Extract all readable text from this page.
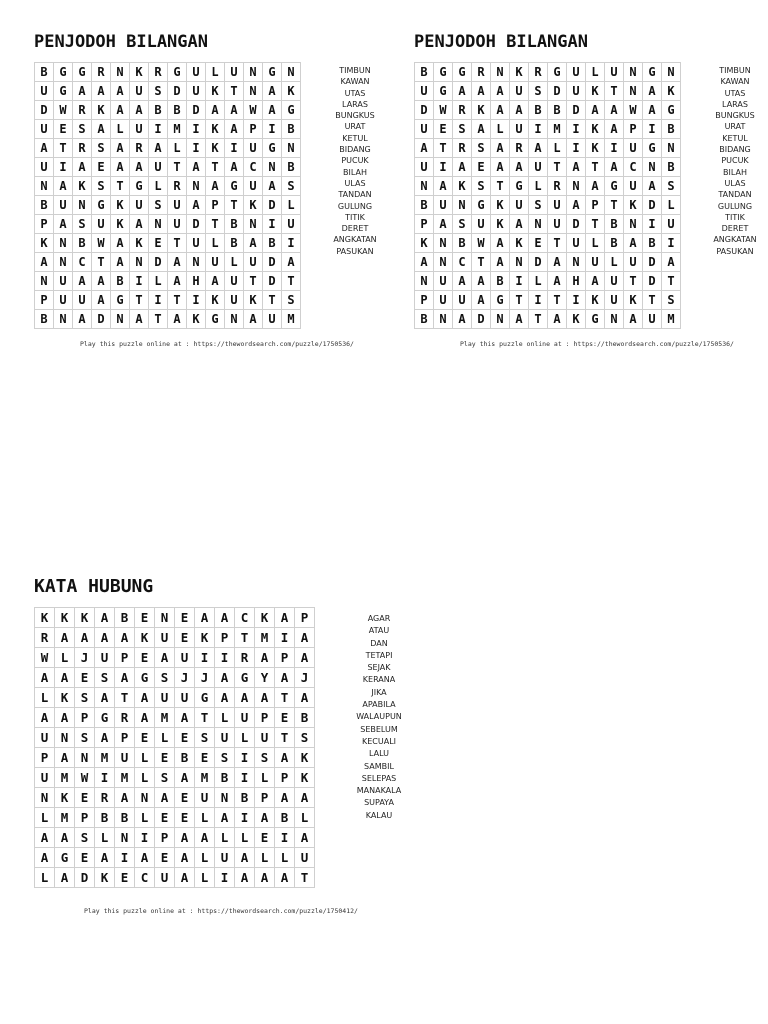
PENJODOH BILANGAN
B	G	G	R	N	K	R	G	U	L	U	N	G	N
U	G	A	A	A	U	S	D	U	K	T	N	A	K
D	W	R	K	A	A	B	B	D	A	A	W	A	G
U	E	S	A	L	U	I	M	I	K	A	P	I	B
A	T	R	S	A	R	A	L	I	K	I	U	G	N
U	I	A	E	A	A	U	T	A	T	A	C	N	B
N	A	K	S	T	G	L	R	N	A	G	U	A	S
B	U	N	G	K	U	S	U	A	P	T	K	D	L
P	A	S	U	K	A	N	U	D	T	B	N	I	U
K	N	B	W	A	K	E	T	U	L	B	A	B	I
A	N	C	T	A	N	D	A	N	U	L	U	D	A
N	U	A	A	B	I	L	A	H	A	U	T	D	T
P	U	U	A	G	T	I	T	I	K	U	K	T	S
B	N	A	D	N	A	T	A	K	G	N	A	U	M
TIMBUN
KAWAN
UTAS
LARAS
BUNGKUS
URAT
KETUL
BIDANG
PUCUK
BILAH
ULAS
TANDAN
GULUNG
TITIK
DERET
ANGKATAN
PASUKAN
Play this puzzle online at : https://thewordsearch.com/puzzle/1750536/
PENJODOH BILANGAN
B	G	G	R	N	K	R	G	U	L	U	N	G	N
U	G	A	A	A	U	S	D	U	K	T	N	A	K
D	W	R	K	A	A	B	B	D	A	A	W	A	G
U	E	S	A	L	U	I	M	I	K	A	P	I	B
A	T	R	S	A	R	A	L	I	K	I	U	G	N
U	I	A	E	A	A	U	T	A	T	A	C	N	B
N	A	K	S	T	G	L	R	N	A	G	U	A	S
B	U	N	G	K	U	S	U	A	P	T	K	D	L
P	A	S	U	K	A	N	U	D	T	B	N	I	U
K	N	B	W	A	K	E	T	U	L	B	A	B	I
A	N	C	T	A	N	D	A	N	U	L	U	D	A
N	U	A	A	B	I	L	A	H	A	U	T	D	T
P	U	U	A	G	T	I	T	I	K	U	K	T	S
B	N	A	D	N	A	T	A	K	G	N	A	U	M
TIMBUN
KAWAN
UTAS
LARAS
BUNGKUS
URAT
KETUL
BIDANG
PUCUK
BILAH
ULAS
TANDAN
GULUNG
TITIK
DERET
ANGKATAN
PASUKAN
Play this puzzle online at : https://thewordsearch.com/puzzle/1750536/
KATA HUBUNG
K	K	K	A	B	E	N	E	A	A	C	K	A	P
R	A	A	A	A	K	U	E	K	P	T	M	I	A
W	L	J	U	P	E	A	U	I	I	R	A	P	A
A	A	E	S	A	G	S	J	J	A	G	Y	A	J
L	K	S	A	T	A	U	U	G	A	A	A	T	A
A	A	P	G	R	A	M	A	T	L	U	P	E	B
U	N	S	A	P	E	L	E	S	U	L	U	T	S
P	A	N	M	U	L	E	B	E	S	I	S	A	K
U	M	W	I	M	L	S	A	M	B	I	L	P	K
N	K	E	R	A	N	A	E	U	N	B	P	A	A
L	M	P	B	B	L	E	E	L	A	I	A	B	L
A	A	S	L	N	I	P	A	A	L	L	E	I	A
A	G	E	A	I	A	E	A	L	U	A	L	L	U
L	A	D	K	E	C	U	A	L	I	A	A	A	T
AGAR
ATAU
DAN
TETAPI
SEJAK
KERANA
JIKA
APABILA
WALAUPUN
SEBELUM
KECUALI
LALU
SAMBIL
SELEPAS
MANAKALA
SUPAYA
KALAU
Play this puzzle online at : https://thewordsearch.com/puzzle/1750412/
